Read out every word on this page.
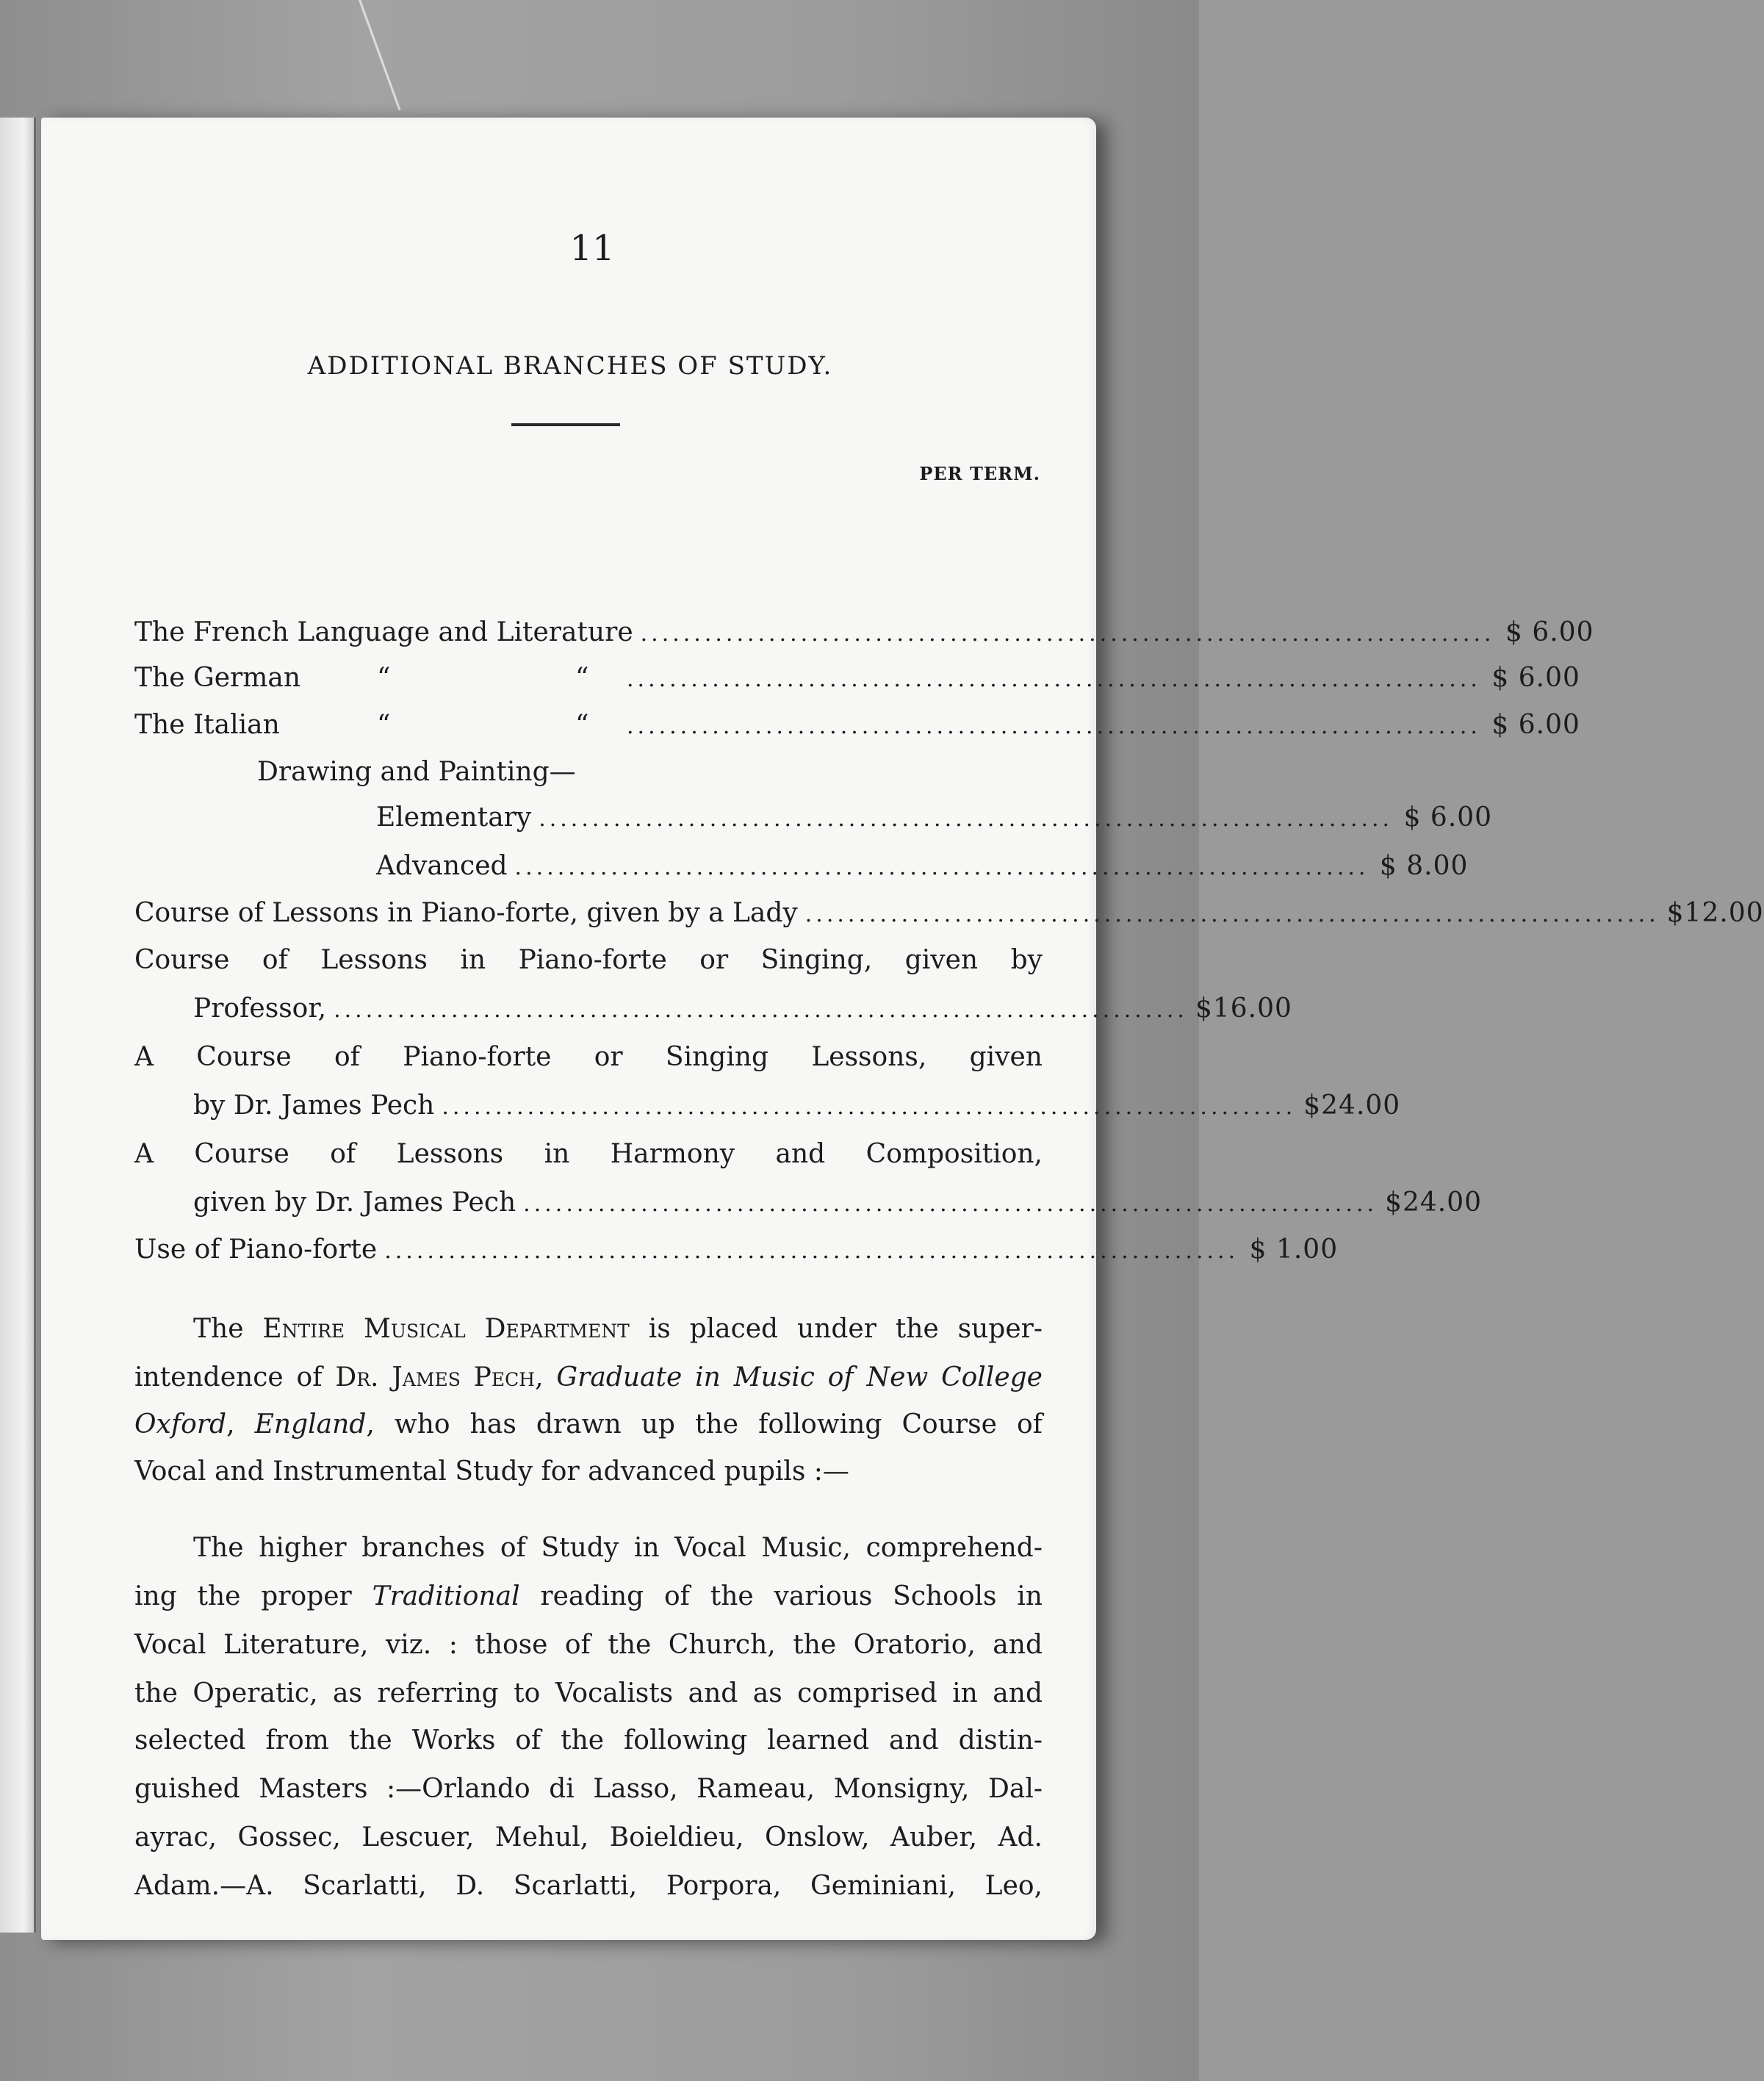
11
ADDITIONAL BRANCHES OF STUDY.
PER TERM.
The French Language and Literature ................................................................................ $ 6.00
The German	“	“	................................................................................ $ 6.00
The Italian	“	“	................................................................................ $ 6.00
Drawing and Painting—
Elementary ................................................................................ $ 6.00
Advanced ................................................................................ $ 8.00
Course of Lessons in Piano-forte, given by a Lady ................................................................................ $12.00
Course of Lessons in Piano-forte or Singing, given by
Professor, ................................................................................ $16.00
A Course of Piano-forte or Singing Lessons, given
by Dr. James Pech ................................................................................ $24.00
A Course of Lessons in Harmony and Composition,
given by Dr. James Pech ................................................................................ $24.00
Use of Piano-forte ................................................................................ $ 1.00
The Entire Musical Department is placed under the super-
intendence of Dr. James Pech, Graduate in Music of New College
Oxford, England, who has drawn up the following Course of
Vocal and Instrumental Study for advanced pupils :—
The higher branches of Study in Vocal Music, comprehend-
ing the proper Traditional reading of the various Schools in
Vocal Literature, viz. : those of the Church, the Oratorio, and
the Operatic, as referring to Vocalists and as comprised in and
selected from the Works of the following learned and distin-
guished Masters :—Orlando di Lasso, Rameau, Monsigny, Dal-
ayrac, Gossec, Lescuer, Mehul, Boieldieu, Onslow, Auber, Ad.
Adam.—A. Scarlatti, D. Scarlatti, Porpora, Geminiani, Leo,
